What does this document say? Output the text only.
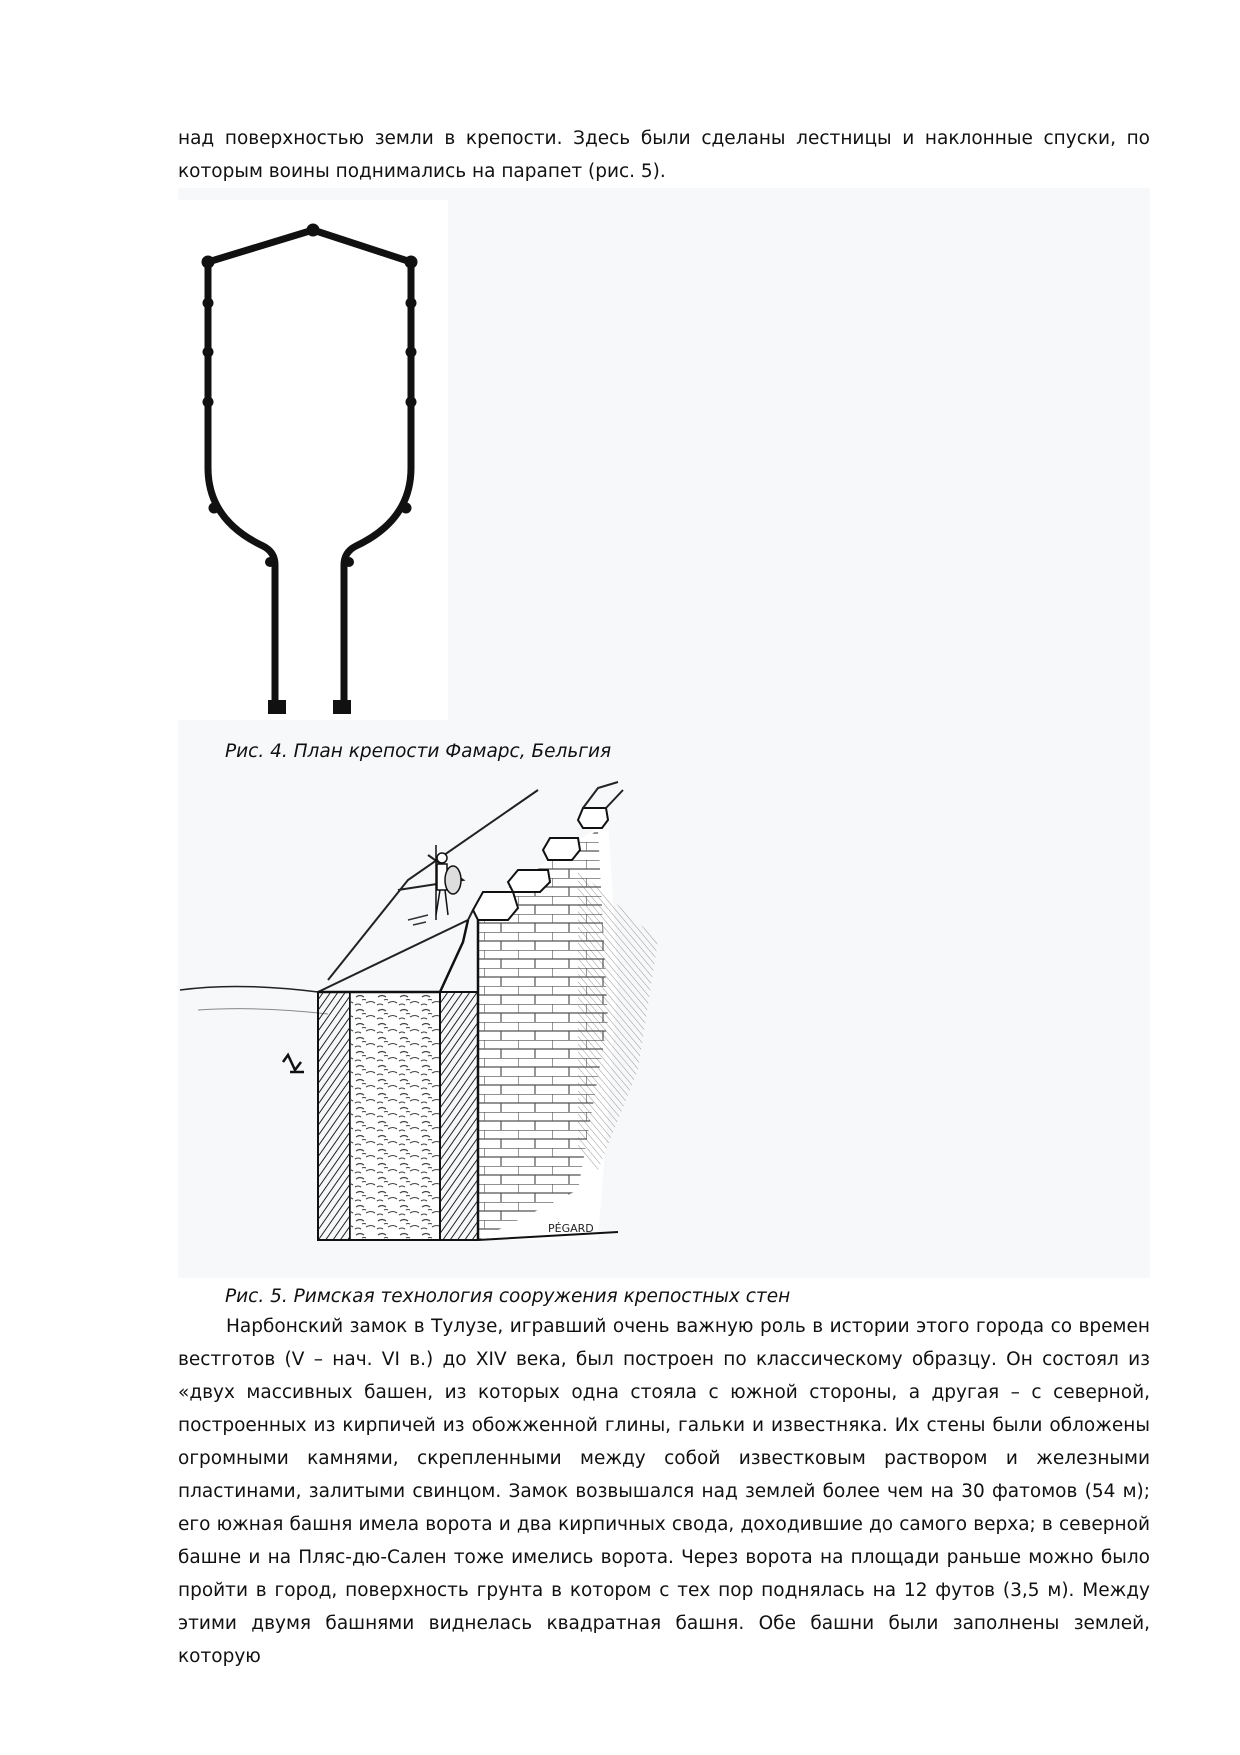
над поверхностью земли в крепости. Здесь были сделаны лестницы и наклонные спуски, по которым воины поднимались на парапет (рис. 5).

Рис. 4. План крепости Фамарс, Бельгия

PÉGARD

Рис. 5. Римская технология сооружения крепостных стен

Нарбонский замок в Тулузе, игравший очень важную роль в истории этого города со времен вестготов (V – нач. VI в.) до XIV века, был построен по классическому образцу. Он состоял из «двух массивных башен, из которых одна стояла с южной стороны, а другая – с северной, построенных из кирпичей из обожженной глины, гальки и известняка. Их стены были обложены огромными камнями, скрепленными между собой известковым раствором и железными пластинами, залитыми свинцом. Замок возвышался над землей более чем на 30 фатомов (54 м); его южная башня имела ворота и два кирпичных свода, доходившие до самого верха; в северной башне и на Пляс-дю-Сален тоже имелись ворота. Через ворота на площади раньше можно было пройти в город, поверхность грунта в котором с тех пор поднялась на 12 футов (3,5 м). Между этими двумя башнями виднелась квадратная башня. Обе башни были заполнены землей, которую
